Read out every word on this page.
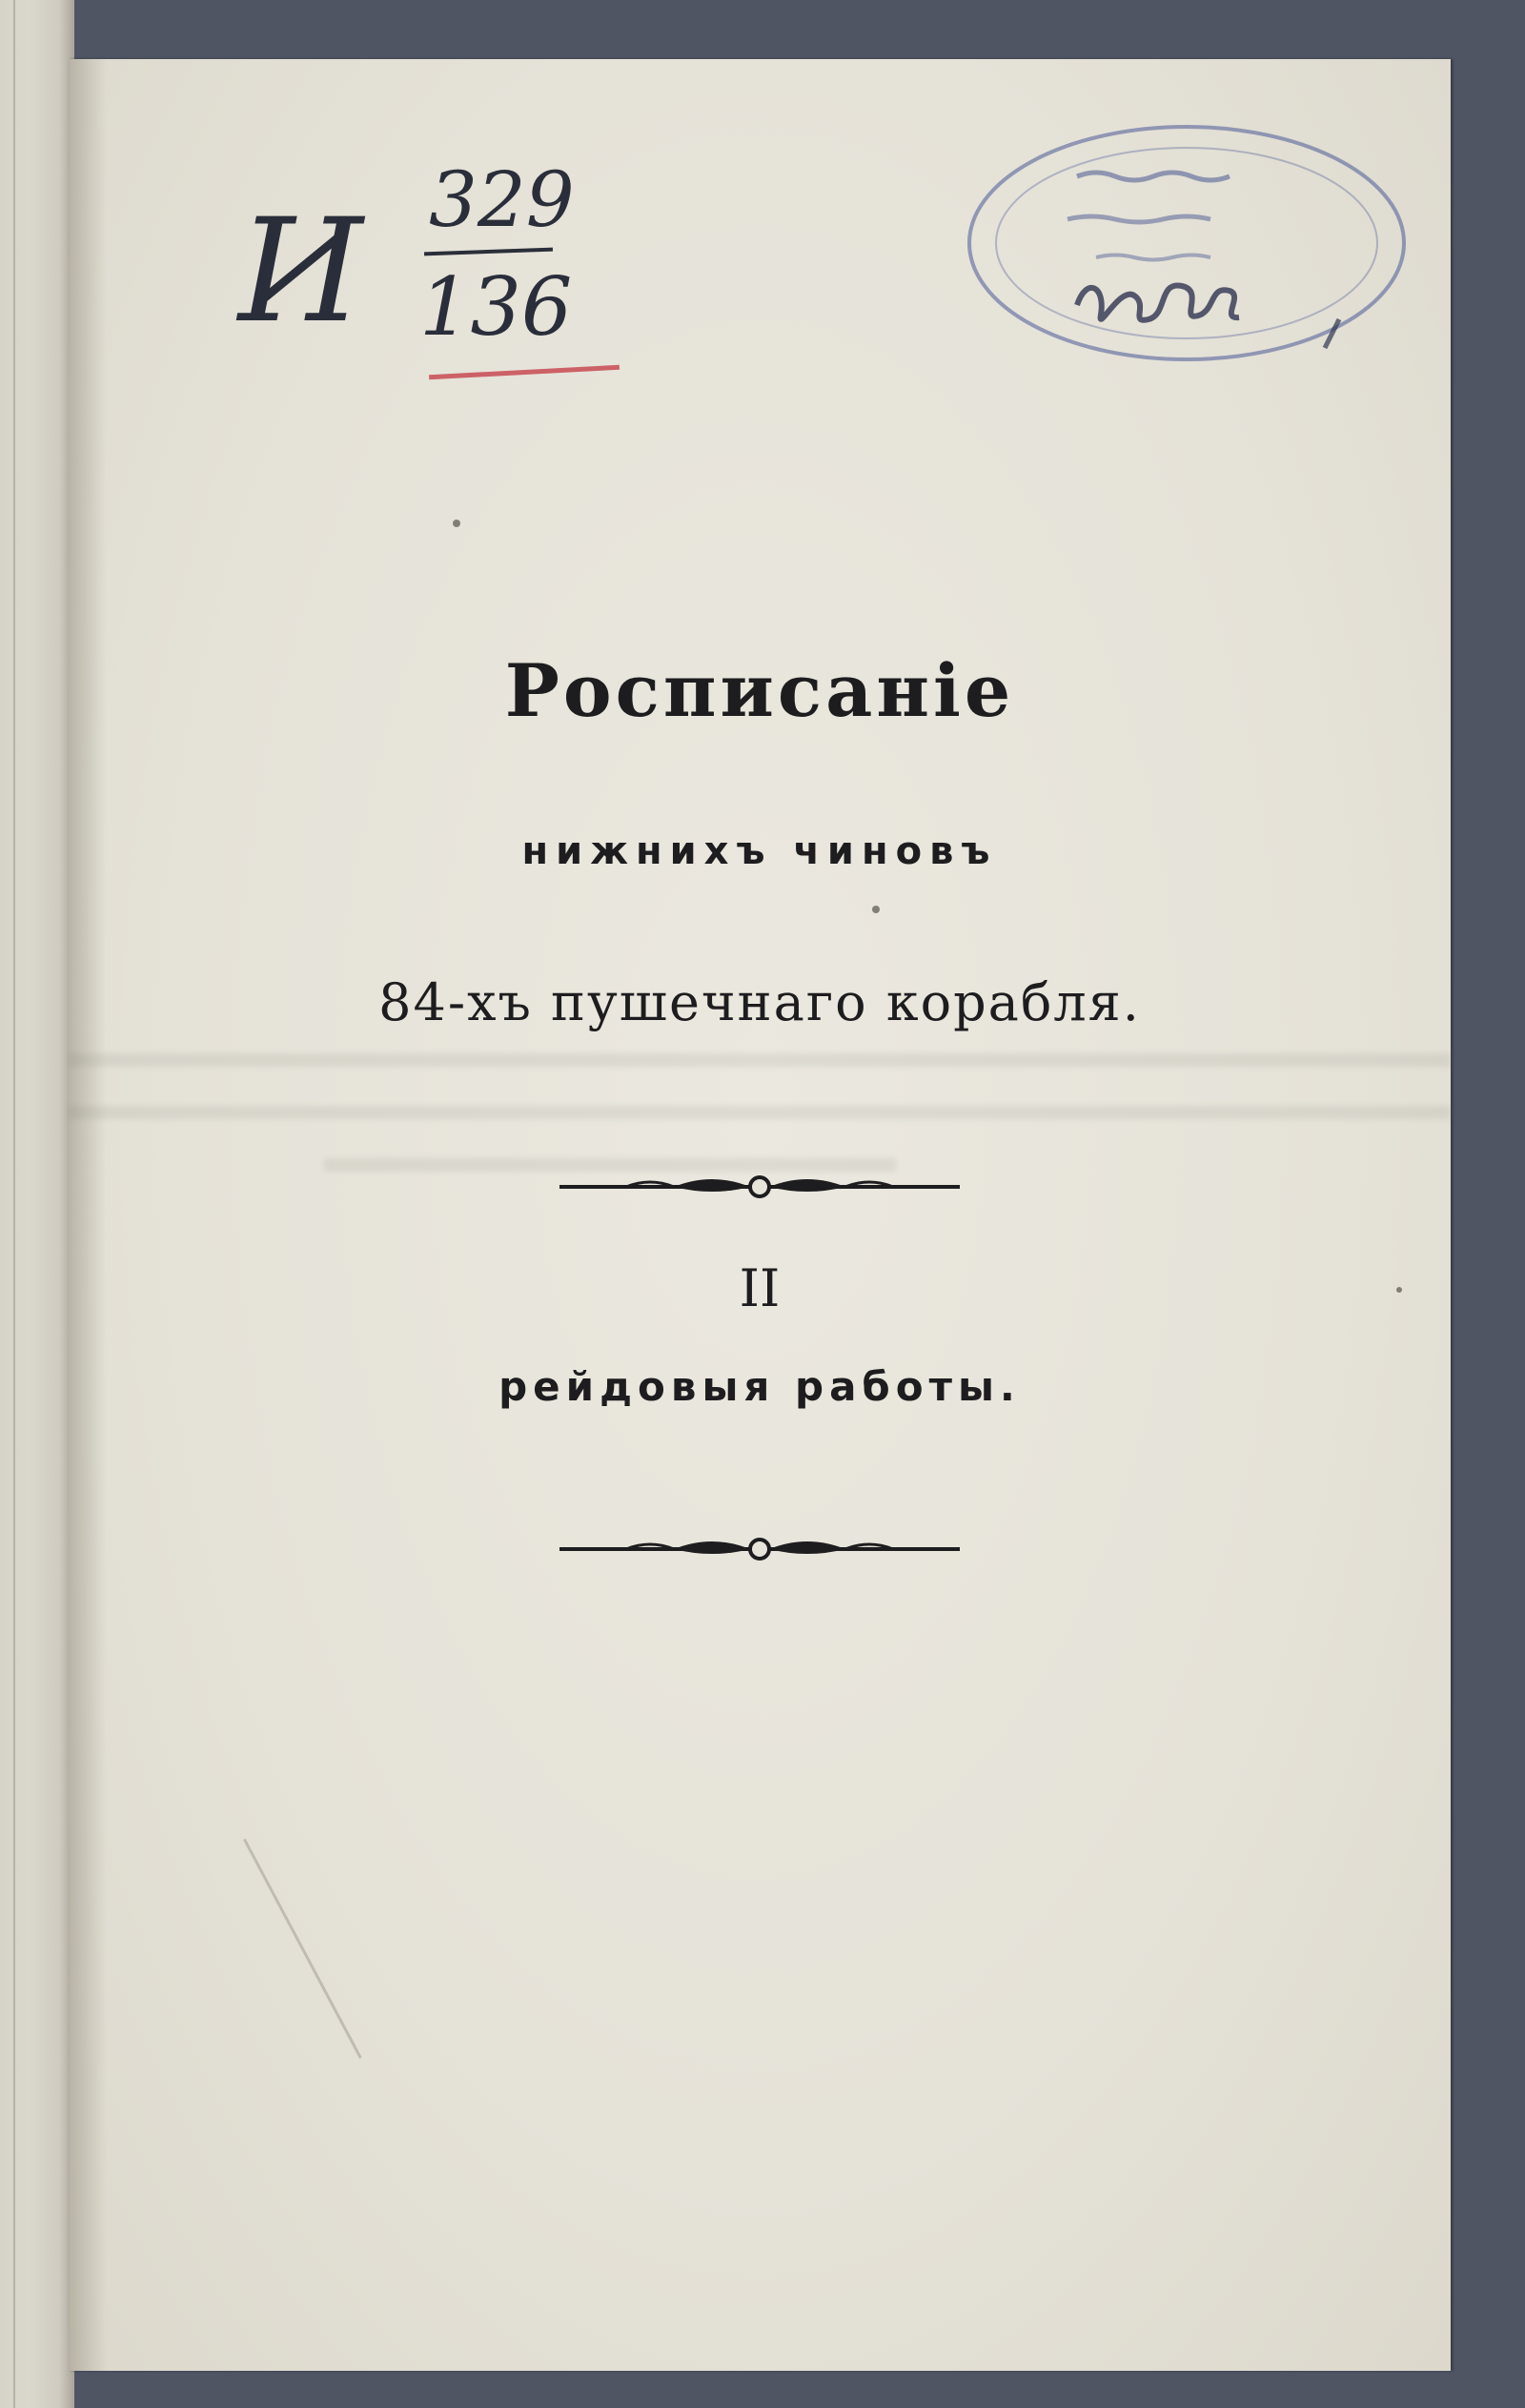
И 329
136
Росписаніе
нижнихъ чиновъ
84-хъ пушечнаго корабля.
II
рейдовыя работы.
